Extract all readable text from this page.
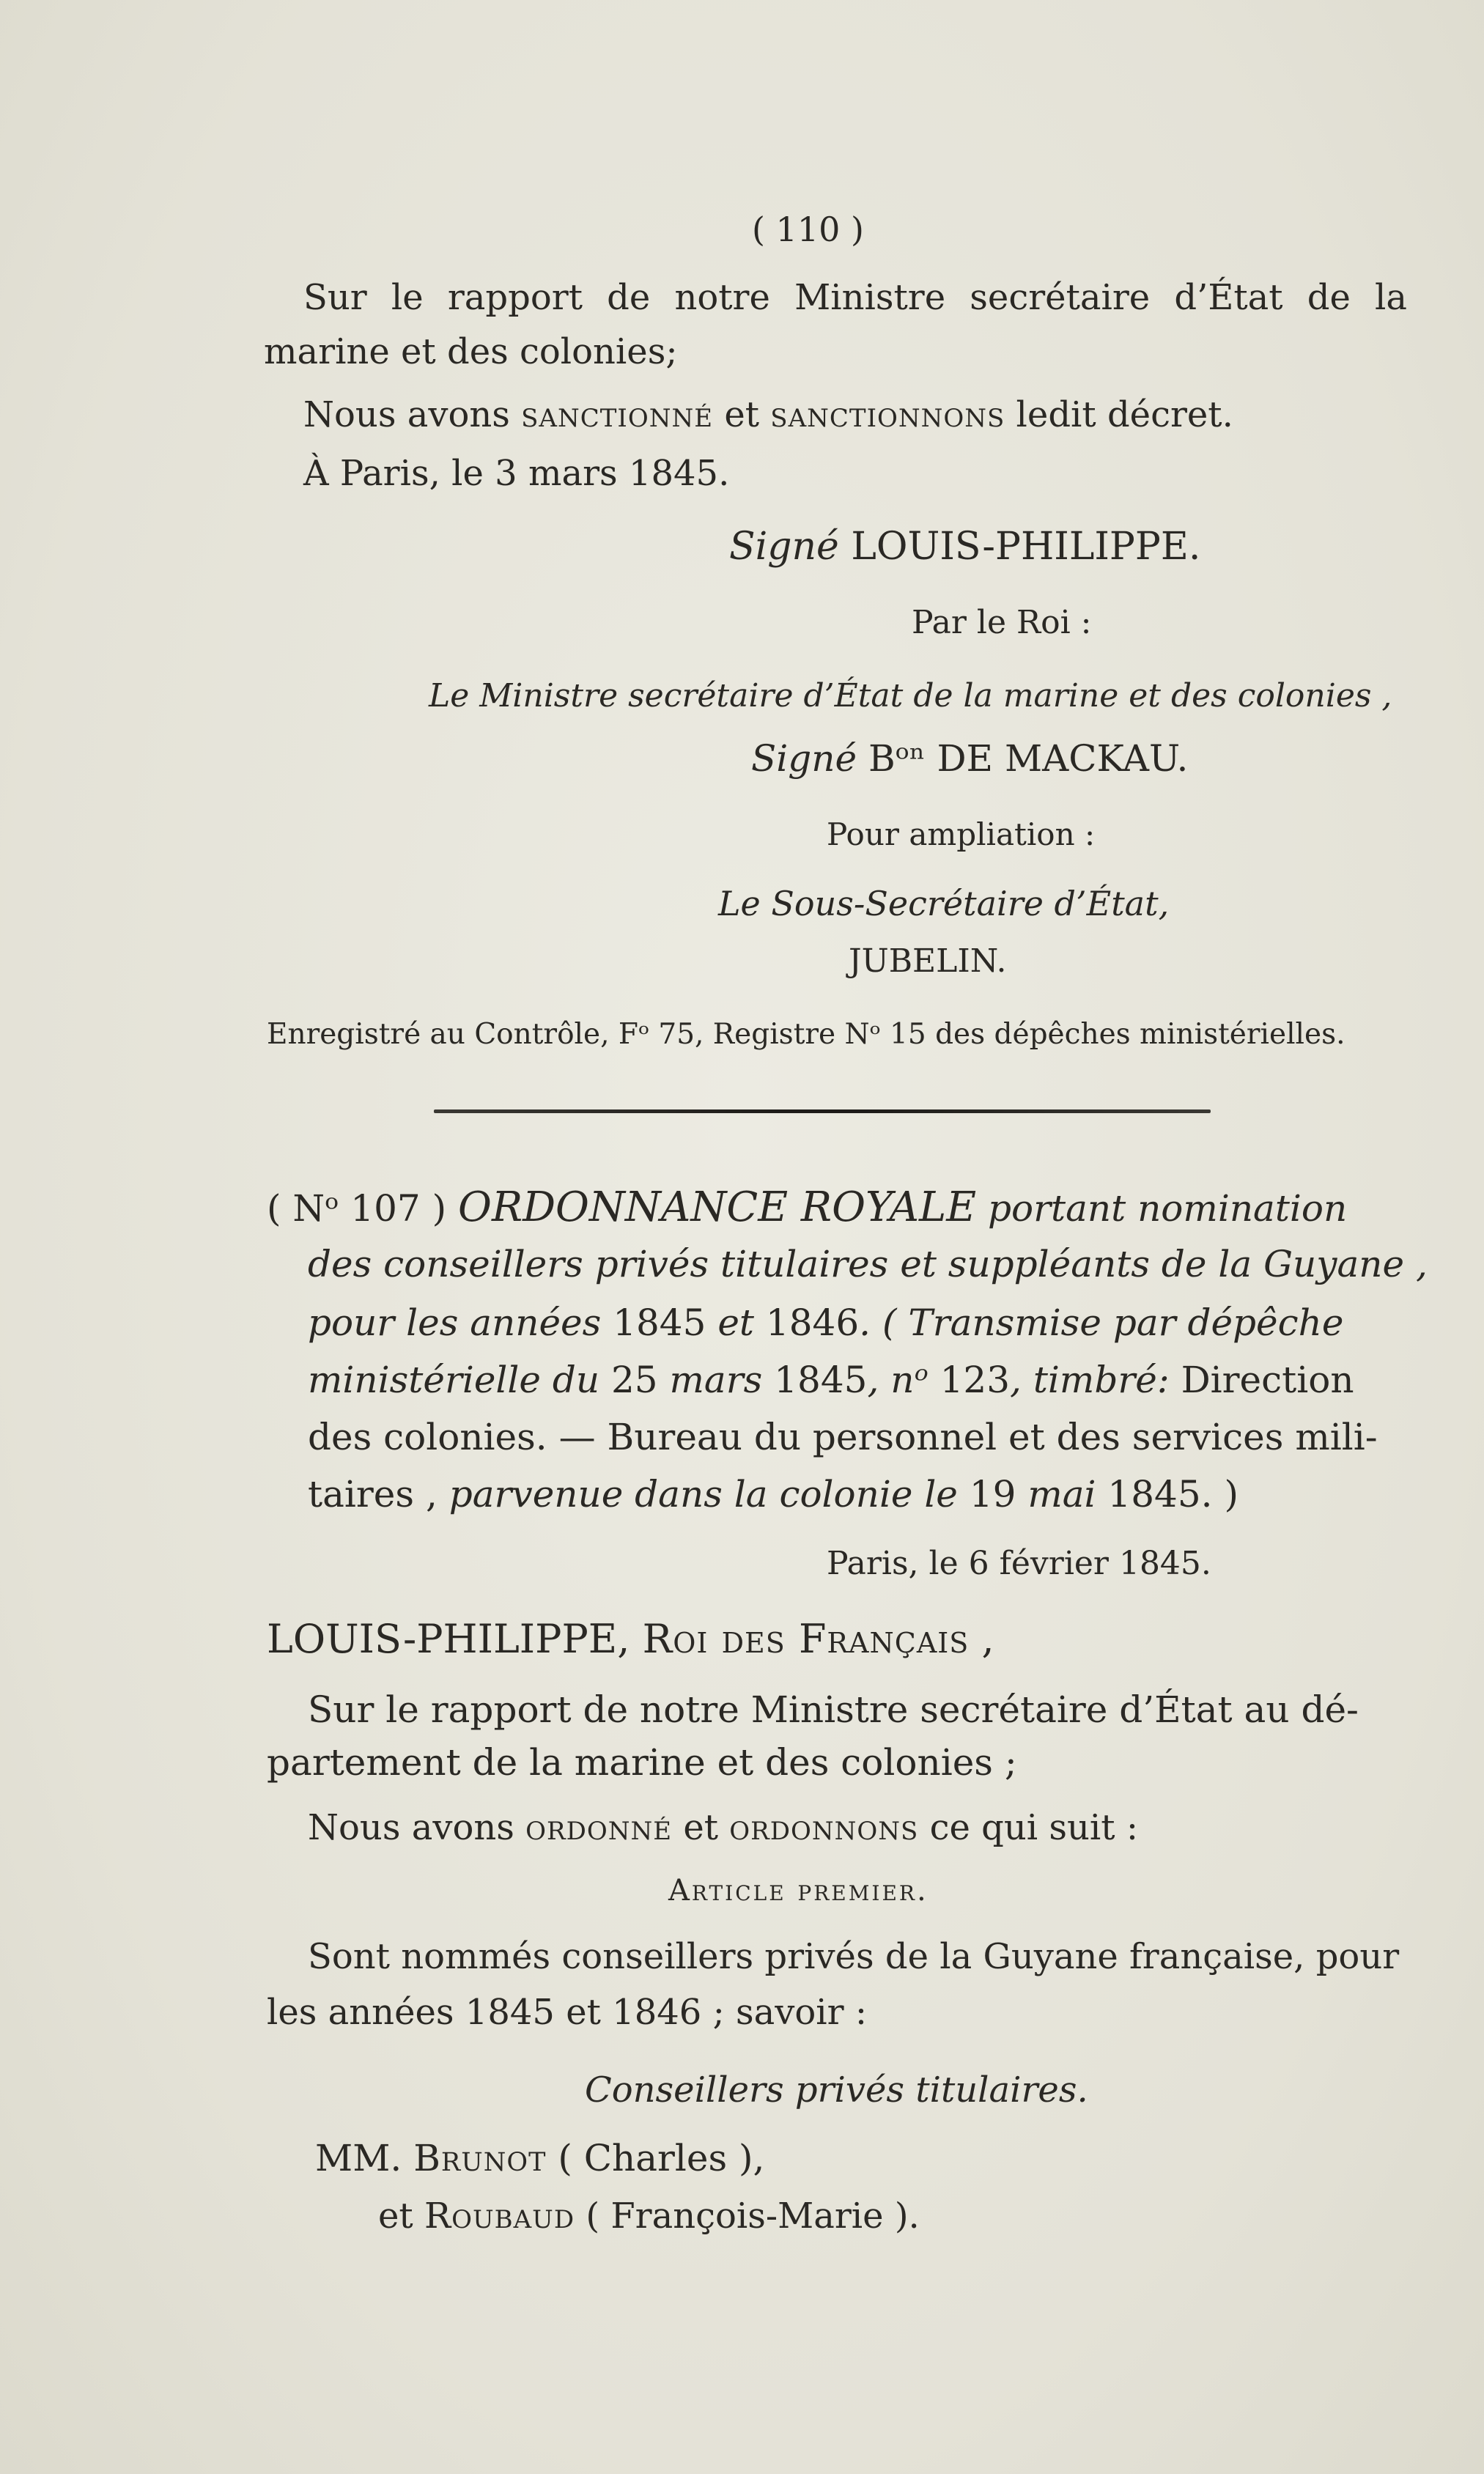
( 110 )
Sur le rapport de notre Ministre secrétaire d’État de la
marine et des colonies;
Nous avons sanctionné et sanctionnons ledit décret.
À Paris, le 3 mars 1845.
Signé LOUIS-PHILIPPE.
Par le Roi :
Le Ministre secrétaire d’État de la marine et des colonies ,
Signé Bᵒⁿ DE MACKAU.
Pour ampliation :
Le Sous-Secrétaire d’État,
JUBELIN.
Enregistré au Contrôle, Fᵒ 75, Registre Nᵒ 15 des dépêches ministérielles.
( Nᵒ 107 ) ORDONNANCE ROYALE portant nomination
des conseillers privés titulaires et suppléants de la Guyane ,
pour les années 1845 et 1846. ( Transmise par dépêche
ministérielle du 25 mars 1845, nᵒ 123, timbré: Direction
des colonies. — Bureau du personnel et des services mili-
taires , parvenue dans la colonie le 19 mai 1845. )
Paris, le 6 février 1845.
LOUIS-PHILIPPE, Roi des Français ,
Sur le rapport de notre Ministre secrétaire d’État au dé-
partement de la marine et des colonies ;
Nous avons ordonné et ordonnons ce qui suit :
Article premier.
Sont nommés conseillers privés de la Guyane française, pour
les années 1845 et 1846 ; savoir :
Conseillers privés titulaires.
MM. Brunot ( Charles ),
et Roubaud ( François-Marie ).
